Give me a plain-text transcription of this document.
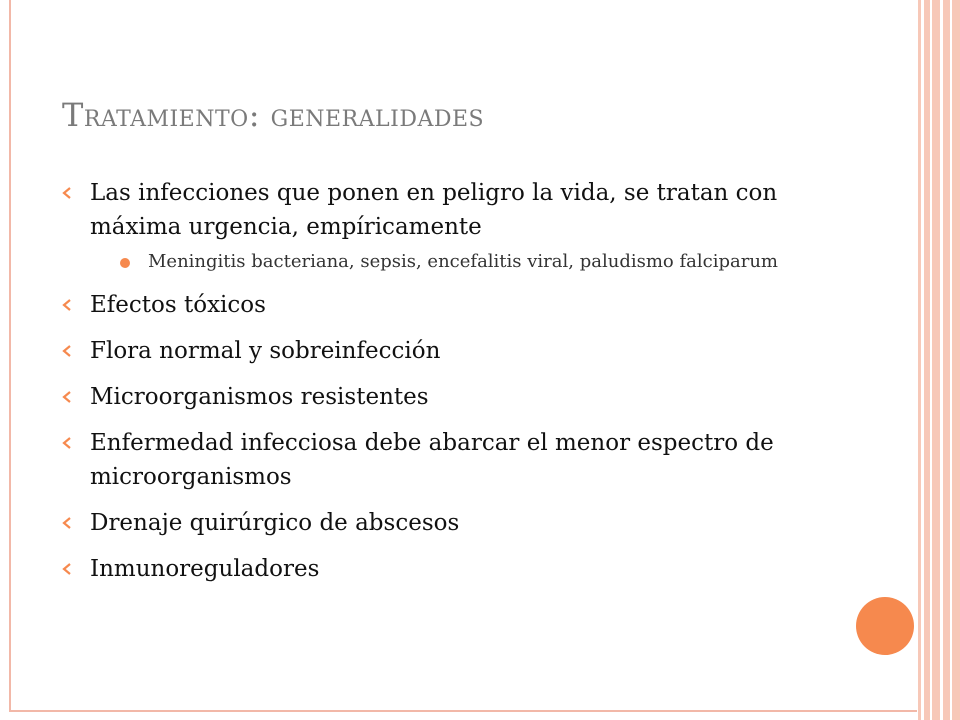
Tratamiento: generalidades
Las infecciones que ponen en peligro la vida, se tratan con máxima urgencia, empíricamente
Meningitis bacteriana, sepsis, encefalitis viral, paludismo falciparum
Efectos tóxicos
Flora normal y sobreinfección
Microorganismos resistentes
Enfermedad infecciosa debe abarcar el menor espectro de microorganismos
Drenaje quirúrgico de abscesos
Inmunoreguladores
